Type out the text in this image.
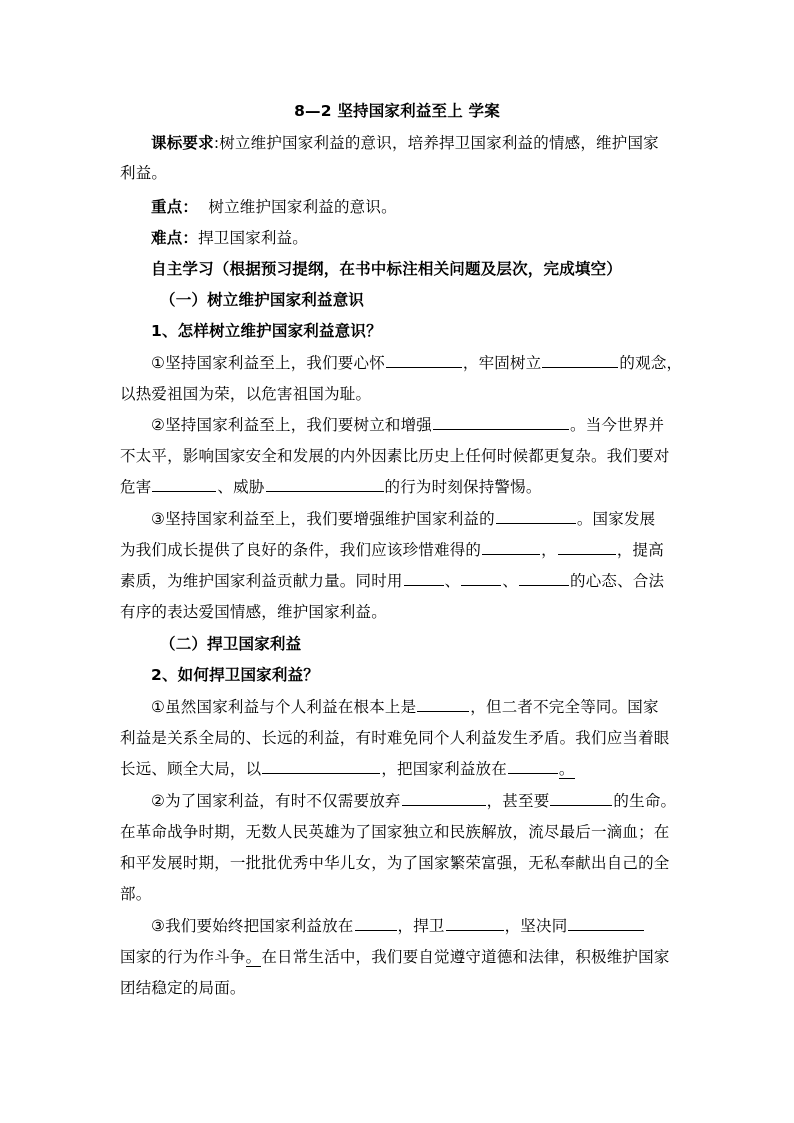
8—2 坚持国家利益至上 学案
课标要求:树立维护国家利益的意识，培养捍卫国家利益的情感，维护国家
利益。
重点： 树立维护国家利益的意识。
难点：捍卫国家利益。
自主学习（根据预习提纲，在书中标注相关问题及层次，完成填空）
（一）树立维护国家利益意识
1、怎样树立维护国家利益意识？
①坚持国家利益至上，我们要心怀	，牢固树立	的观念，
以热爱祖国为荣，以危害祖国为耻。
②坚持国家利益至上，我们要树立和增强	。当今世界并
不太平，影响国家安全和发展的内外因素比历史上任何时候都更复杂。我们要对
危害	、威胁	的行为时刻保持警惕。
③坚持国家利益至上，我们要增强维护国家利益的	。国家发展
为我们成长提供了良好的条件，我们应该珍惜难得的	，	，提高
素质，为维护国家利益贡献力量。同时用	、	、	的心态、合法
有序的表达爱国情感，维护国家利益。
（二）捍卫国家利益
2、如何捍卫国家利益？
①虽然国家利益与个人利益在根本上是	，但二者不完全等同。国家
利益是关系全局的、长远的利益，有时难免同个人利益发生矛盾。我们应当着眼
长远、顾全大局，以	，把国家利益放在	。
②为了国家利益，有时不仅需要放弃	，甚至要	的生命。
在革命战争时期，无数人民英雄为了国家独立和民族解放，流尽最后一滴血；在
和平发展时期，一批批优秀中华儿女，为了国家繁荣富强，无私奉献出自己的全
部。
③我们要始终把国家利益放在	，捍卫	，坚决同
国家的行为作斗争。在日常生活中，我们要自觉遵守道德和法律，积极维护国家
团结稳定的局面。
